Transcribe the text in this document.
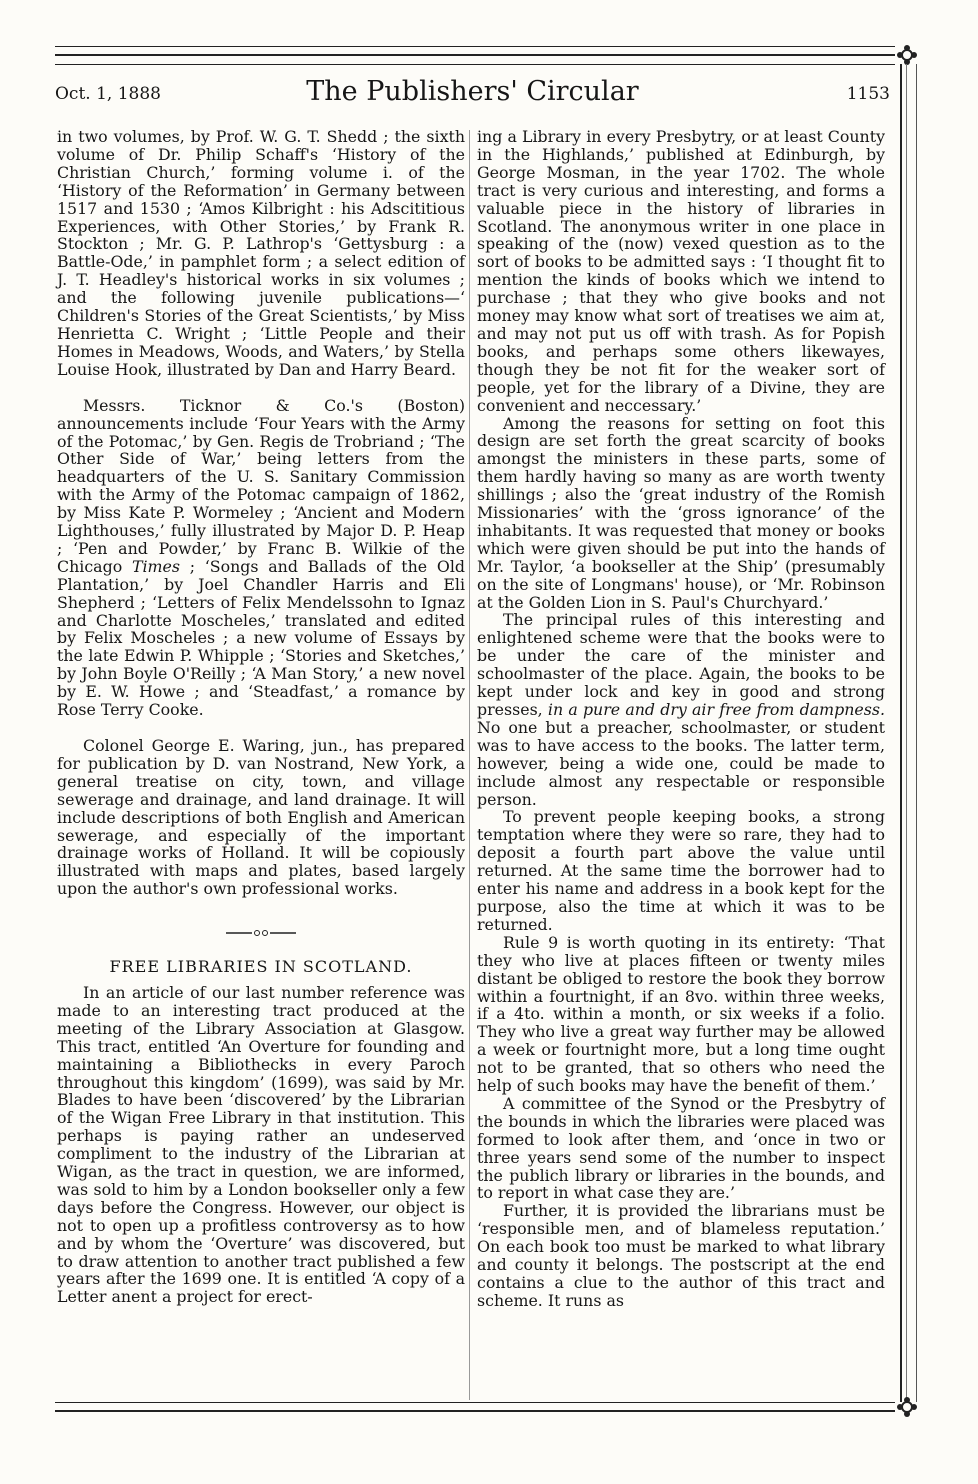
Oct. 1, 1888	The Publishers' Circular	1153

in two volumes, by Prof. W. G. T. Shedd ; the sixth volume of Dr. Philip Schaff's ‘History of the Christian Church,’ forming volume i. of the ‘History of the Reformation’ in Germany between 1517 and 1530 ; ‘Amos Kilbright : his Adscititious Experiences, with Other Stories,’ by Frank R. Stockton ; Mr. G. P. Lathrop's ‘Gettysburg : a Battle-Ode,’ in pamphlet form ; a select edition of J. T. Headley's historical works in six volumes ; and the following juvenile publications—‘ Children's Stories of the Great Scientists,’ by Miss Henrietta C. Wright ; ‘Little People and their Homes in Meadows, Woods, and Waters,’ by Stella Louise Hook, illustrated by Dan and Harry Beard.

Messrs. Ticknor & Co.'s (Boston) announcements include ‘Four Years with the Army of the Potomac,’ by Gen. Regis de Trobriand ; ‘The Other Side of War,’ being letters from the headquarters of the U. S. Sanitary Commission with the Army of the Potomac campaign of 1862, by Miss Kate P. Wormeley ; ‘Ancient and Modern Lighthouses,’ fully illustrated by Major D. P. Heap ; ‘Pen and Powder,’ by Franc B. Wilkie of the Chicago Times ; ‘Songs and Ballads of the Old Plantation,’ by Joel Chandler Harris and Eli Shepherd ; ‘Letters of Felix Mendelssohn to Ignaz and Charlotte Moscheles,’ translated and edited by Felix Moscheles ; a new volume of Essays by the late Edwin P. Whipple ; ‘Stories and Sketches,’ by John Boyle O'Reilly ; ‘A Man Story,’ a new novel by E. W. Howe ; and ‘Steadfast,’ a romance by Rose Terry Cooke.

Colonel George E. Waring, jun., has prepared for publication by D. van Nostrand, New York, a general treatise on city, town, and village sewerage and drainage, and land drainage. It will include descriptions of both English and American sewerage, and especially of the important drainage works of Holland. It will be copiously illustrated with maps and plates, based largely upon the author's own professional works.

FREE LIBRARIES IN SCOTLAND.

In an article of our last number reference was made to an interesting tract produced at the meeting of the Library Association at Glasgow. This tract, entitled ‘An Overture for founding and maintaining a Bibliothecks in every Paroch throughout this kingdom’ (1699), was said by Mr. Blades to have been ‘discovered’ by the Librarian of the Wigan Free Library in that institution. This perhaps is paying rather an undeserved compliment to the industry of the Librarian at Wigan, as the tract in question, we are informed, was sold to him by a London bookseller only a few days before the Congress. However, our object is not to open up a profitless controversy as to how and by whom the ‘Overture’ was discovered, but to draw attention to another tract published a few years after the 1699 one. It is entitled ‘A copy of a Letter anent a project for erect-

ing a Library in every Presbytry, or at least County in the Highlands,’ published at Edinburgh, by George Mosman, in the year 1702. The whole tract is very curious and interesting, and forms a valuable piece in the history of libraries in Scotland. The anonymous writer in one place in speaking of the (now) vexed question as to the sort of books to be admitted says : ‘I thought fit to mention the kinds of books which we intend to purchase ; that they who give books and not money may know what sort of treatises we aim at, and may not put us off with trash. As for Popish books, and perhaps some others likewayes, though they be not fit for the weaker sort of people, yet for the library of a Divine, they are convenient and neccessary.’

Among the reasons for setting on foot this design are set forth the great scarcity of books amongst the ministers in these parts, some of them hardly having so many as are worth twenty shillings ; also the ‘great industry of the Romish Missionaries’ with the ‘gross ignorance’ of the inhabitants. It was requested that money or books which were given should be put into the hands of Mr. Taylor, ‘a bookseller at the Ship’ (presumably on the site of Longmans' house), or ‘Mr. Robinson at the Golden Lion in S. Paul's Churchyard.’

The principal rules of this interesting and enlightened scheme were that the books were to be under the care of the minister and schoolmaster of the place. Again, the books to be kept under lock and key in good and strong presses, in a pure and dry air free from dampness. No one but a preacher, schoolmaster, or student was to have access to the books. The latter term, however, being a wide one, could be made to include almost any respectable or responsible person.

To prevent people keeping books, a strong temptation where they were so rare, they had to deposit a fourth part above the value until returned. At the same time the borrower had to enter his name and address in a book kept for the purpose, also the time at which it was to be returned.

Rule 9 is worth quoting in its entirety: ‘That they who live at places fifteen or twenty miles distant be obliged to restore the book they borrow within a fourtnight, if an 8vo. within three weeks, if a 4to. within a month, or six weeks if a folio. They who live a great way further may be allowed a week or fourtnight more, but a long time ought not to be granted, that so others who need the help of such books may have the benefit of them.’

A committee of the Synod or the Presbytry of the bounds in which the libraries were placed was formed to look after them, and ‘once in two or three years send some of the number to inspect the publich library or libraries in the bounds, and to report in what case they are.’

Further, it is provided the librarians must be ‘responsible men, and of blameless reputation.’ On each book too must be marked to what library and county it belongs. The postscript at the end contains a clue to the author of this tract and scheme. It runs as
